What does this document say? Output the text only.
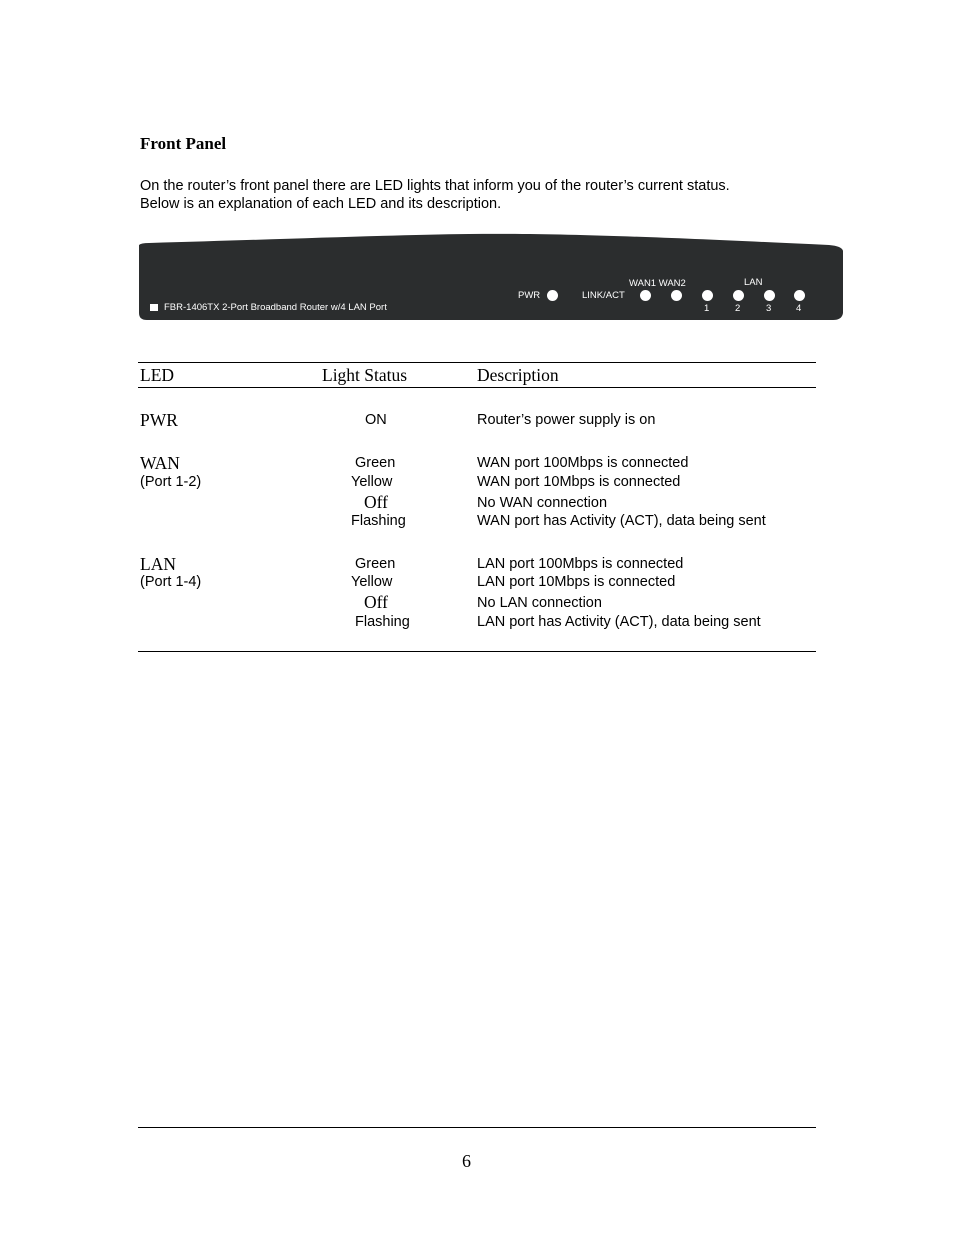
Front Panel
On the router’s front panel there are LED lights that inform you of the router’s current status.
Below is an explanation of each LED and its description.
FBR-1406TX 2-Port Broadband Router w/4 LAN Port
PWR	LINK/ACT
WAN1 WAN2	LAN
1	2	3	4
LED	Light Status	Description
PWR	ON	Router’s power supply is on
WAN
(Port 1-2)
Green	WAN port 100Mbps is connected
Yellow	WAN port 10Mbps is connected
Off	No WAN connection
Flashing	WAN port has Activity (ACT), data being sent
LAN
(Port 1-4)
Green	LAN port 100Mbps is connected
Yellow	LAN port 10Mbps is connected
Off	No LAN connection
Flashing	LAN port has Activity (ACT), data being sent
6
